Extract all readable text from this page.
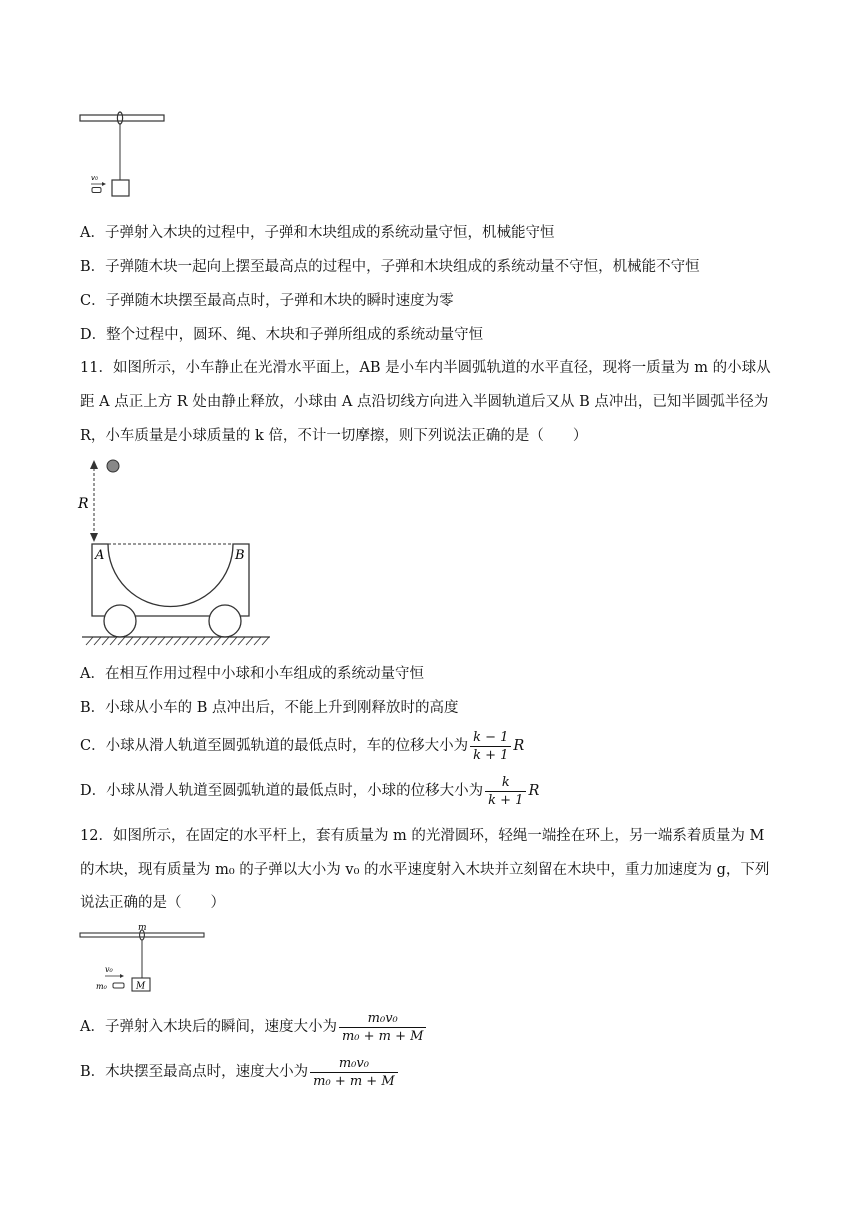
v₀
A．子弹射入木块的过程中，子弹和木块组成的系统动量守恒，机械能守恒
B．子弹随木块一起向上摆至最高点的过程中，子弹和木块组成的系统动量不守恒，机械能不守恒
C．子弹随木块摆至最高点时，子弹和木块的瞬时速度为零
D．整个过程中，圆环、绳、木块和子弹所组成的系统动量守恒
11．如图所示，小车静止在光滑水平面上，AB 是小车内半圆弧轨道的水平直径，现将一质量为 m 的小球从
距 A 点正上方 R 处由静止释放，小球由 A 点沿切线方向进入半圆轨道后又从 B 点冲出，已知半圆弧半径为
R，小车质量是小球质量的 k 倍，不计一切摩擦，则下列说法正确的是（　　）
R
A	B
A．在相互作用过程中小球和小车组成的系统动量守恒
B．小球从小车的 B 点冲出后，不能上升到刚释放时的高度
C．小球从滑人轨道至圆弧轨道的最低点时，车的位移大小为 $\frac{k - 1}{k + 1}$ R
D．小球从滑人轨道至圆弧轨道的最低点时，小球的位移大小为 $\frac{k}{k + 1}$ R
12．如图所示，在固定的水平杆上，套有质量为 m 的光滑圆环，轻绳一端拴在环上，另一端系着质量为 M
的木块，现有质量为 m₀ 的子弹以大小为 v₀ 的水平速度射入木块并立刻留在木块中，重力加速度为 g，下列
说法正确的是（　　）
m
M
v₀
m₀
A．子弹射入木块后的瞬间，速度大小为 $\frac{\text{m₀v₀}}{\text{m₀ + m + M}}$
B．木块摆至最高点时，速度大小为 $\frac{\text{m₀v₀}}{\text{m₀ + m + M}}$
